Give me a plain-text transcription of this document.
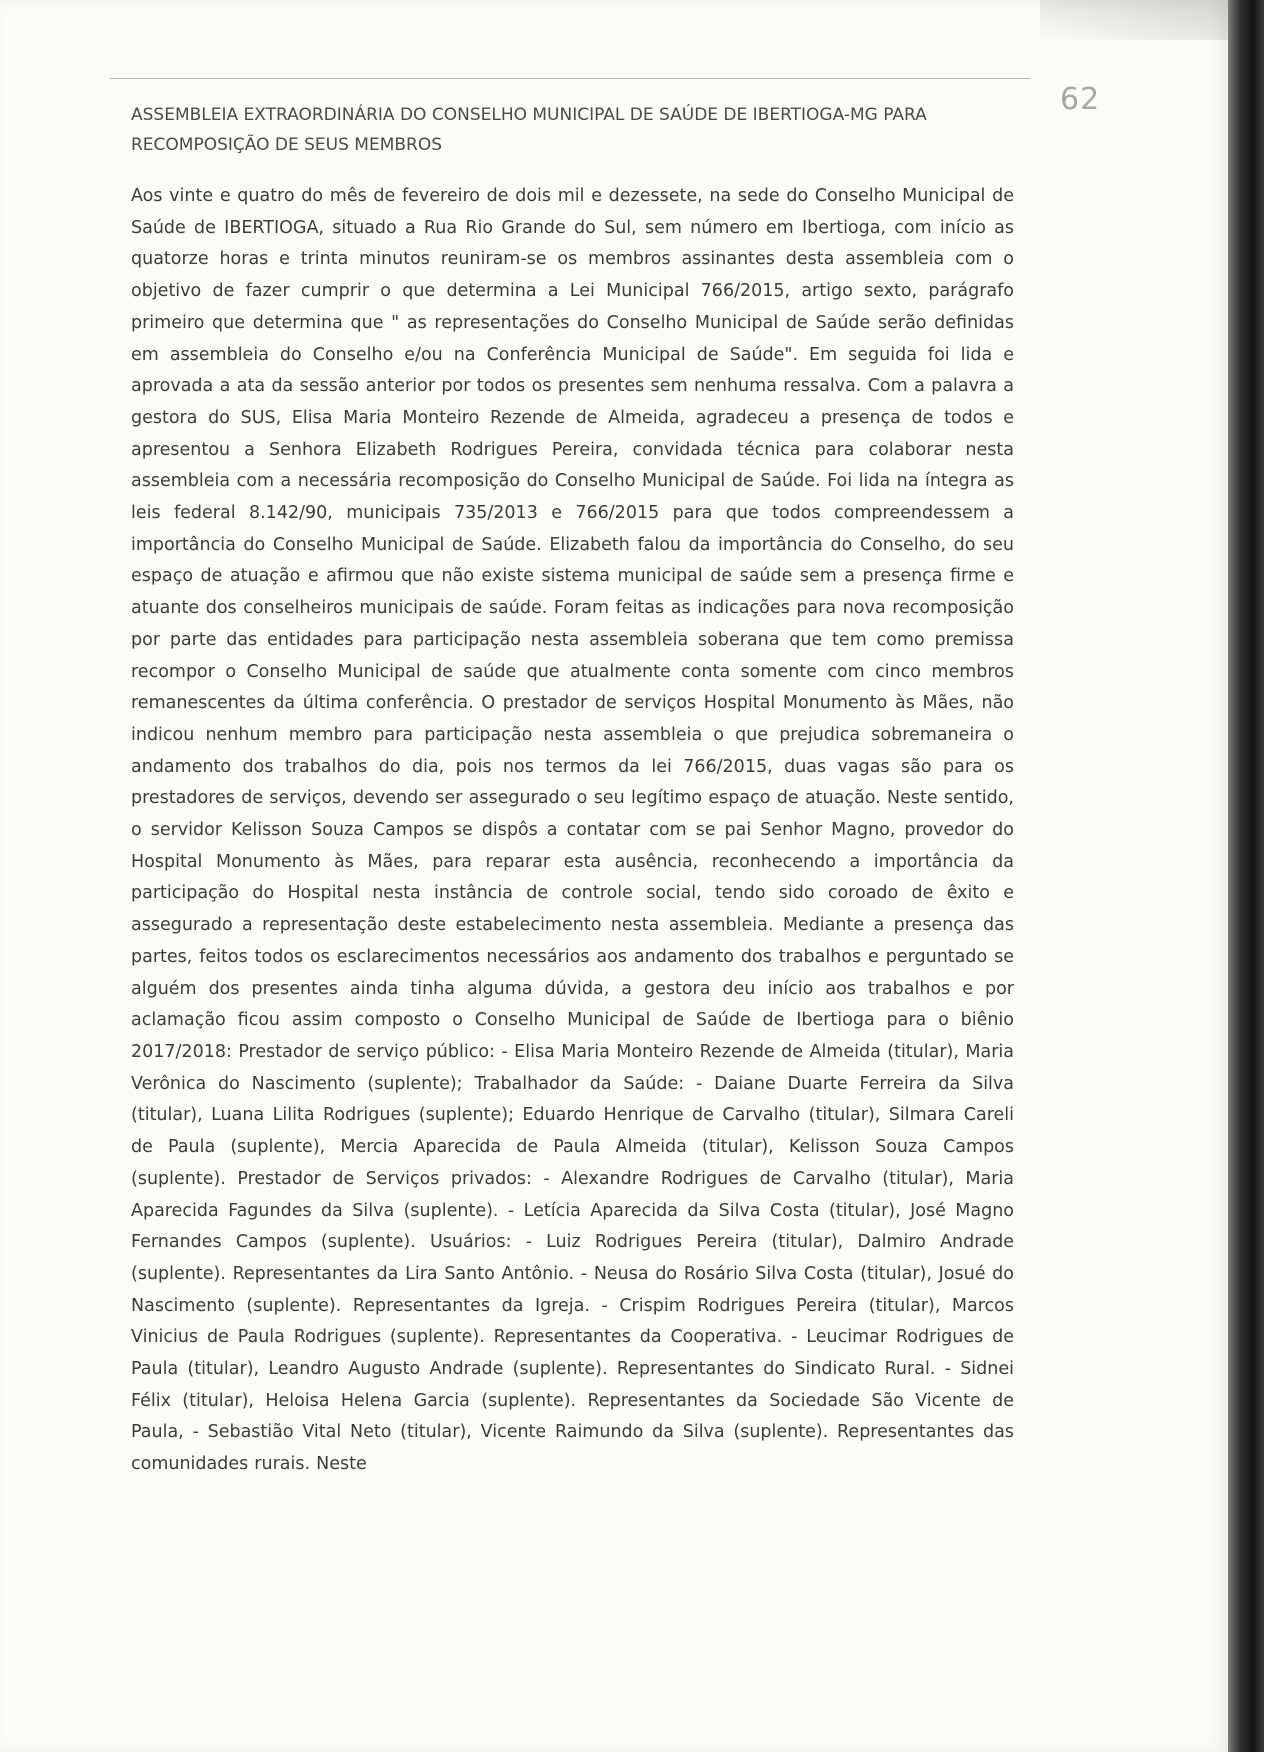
62
ASSEMBLEIA EXTRAORDINÁRIA DO CONSELHO MUNICIPAL DE SAÚDE DE IBERTIOGA-MG PARA RECOMPOSIÇÃO DE SEUS MEMBROS

Aos vinte e quatro do mês de fevereiro de dois mil e dezessete, na sede do Conselho Municipal de Saúde de IBERTIOGA, situado a Rua Rio Grande do Sul, sem número em Ibertioga, com início as quatorze horas e trinta minutos reuniram-se os membros assinantes desta assembleia com o objetivo de fazer cumprir o que determina a Lei Municipal 766/2015, artigo sexto, parágrafo primeiro que determina que " as representações do Conselho Municipal de Saúde serão definidas em assembleia do Conselho e/ou na Conferência Municipal de Saúde". Em seguida foi lida e aprovada a ata da sessão anterior por todos os presentes sem nenhuma ressalva. Com a palavra a gestora do SUS, Elisa Maria Monteiro Rezende de Almeida, agradeceu a presença de todos e apresentou a Senhora Elizabeth Rodrigues Pereira, convidada técnica para colaborar nesta assembleia com a necessária recomposição do Conselho Municipal de Saúde. Foi lida na íntegra as leis federal 8.142/90, municipais 735/2013 e 766/2015 para que todos compreendessem a importância do Conselho Municipal de Saúde. Elizabeth falou da importância do Conselho, do seu espaço de atuação e afirmou que não existe sistema municipal de saúde sem a presença firme e atuante dos conselheiros municipais de saúde. Foram feitas as indicações para nova recomposição por parte das entidades para participação nesta assembleia soberana que tem como premissa recompor o Conselho Municipal de saúde que atualmente conta somente com cinco membros remanescentes da última conferência. O prestador de serviços Hospital Monumento às Mães, não indicou nenhum membro para participação nesta assembleia o que prejudica sobremaneira o andamento dos trabalhos do dia, pois nos termos da lei 766/2015, duas vagas são para os prestadores de serviços, devendo ser assegurado o seu legítimo espaço de atuação. Neste sentido, o servidor Kelisson Souza Campos se dispôs a contatar com se pai Senhor Magno, provedor do Hospital Monumento às Mães, para reparar esta ausência, reconhecendo a importância da participação do Hospital nesta instância de controle social, tendo sido coroado de êxito e assegurado a representação deste estabelecimento nesta assembleia. Mediante a presença das partes, feitos todos os esclarecimentos necessários aos andamento dos trabalhos e perguntado se alguém dos presentes ainda tinha alguma dúvida, a gestora deu início aos trabalhos e por aclamação ficou assim composto o Conselho Municipal de Saúde de Ibertioga para o biênio 2017/2018: Prestador de serviço público: - Elisa Maria Monteiro Rezende de Almeida (titular), Maria Verônica do Nascimento (suplente); Trabalhador da Saúde: - Daiane Duarte Ferreira da Silva (titular), Luana Lilita Rodrigues (suplente); Eduardo Henrique de Carvalho (titular), Silmara Careli de Paula (suplente), Mercia Aparecida de Paula Almeida (titular), Kelisson Souza Campos (suplente). Prestador de Serviços privados: - Alexandre Rodrigues de Carvalho (titular), Maria Aparecida Fagundes da Silva (suplente). - Letícia Aparecida da Silva Costa (titular), José Magno Fernandes Campos (suplente). Usuários: - Luiz Rodrigues Pereira (titular), Dalmiro Andrade (suplente). Representantes da Lira Santo Antônio. - Neusa do Rosário Silva Costa (titular), Josué do Nascimento (suplente). Representantes da Igreja. - Crispim Rodrigues Pereira (titular), Marcos Vinicius de Paula Rodrigues (suplente). Representantes da Cooperativa. - Leucimar Rodrigues de Paula (titular), Leandro Augusto Andrade (suplente). Representantes do Sindicato Rural. - Sidnei Félix (titular), Heloisa Helena Garcia (suplente). Representantes da Sociedade São Vicente de Paula, - Sebastião Vital Neto (titular), Vicente Raimundo da Silva (suplente). Representantes das comunidades rurais. Neste
